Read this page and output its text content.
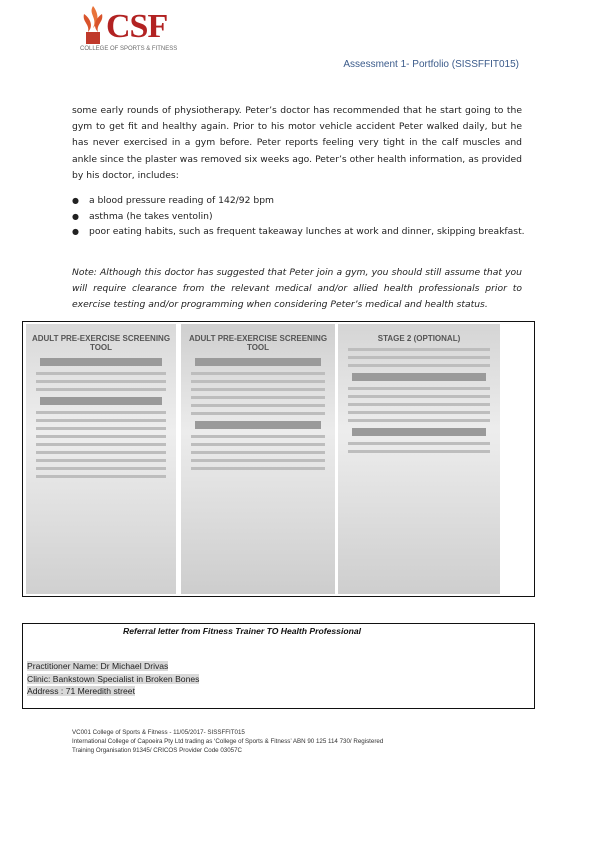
CSF
COLLEGE OF SPORTS & FITNESS
Assessment 1- Portfolio (SISSFFIT015)
some early rounds of physiotherapy. Peter’s doctor has recommended that he start going to the gym to get fit and healthy again. Prior to his motor vehicle accident Peter walked daily, but he has never exercised in a gym before. Peter reports feeling very tight in the calf muscles and ankle since the plaster was removed six weeks ago. Peter’s other health information, as provided by his doctor, includes:
● a blood pressure reading of 142/92 bpm
● asthma (he takes ventolin)
● poor eating habits, such as frequent takeaway lunches at work and dinner, skipping breakfast.
Note: Although this doctor has suggested that Peter join a gym, you should still assume that you will require clearance from the relevant medical and/or allied health professionals prior to exercise testing and/or programming when considering Peter’s medical and health status.
ADULT PRE-EXERCISE SCREENING TOOL
ADULT PRE-EXERCISE SCREENING TOOL
STAGE 2 (OPTIONAL)
Referral letter from Fitness Trainer TO Health Professional
Practitioner Name: Dr Michael Drivas
Clinic: Bankstown Specialist in Broken Bones
Address : 71 Meredith street
VC001 College of Sports & Fitness - 11/05/2017- SISSFFIT015
International College of Capoeira Pty Ltd trading as ‘College of Sports & Fitness’ ABN 90 125 114 730/ Registered
Training Organisation 91345/ CRICOS Provider Code 03057C
